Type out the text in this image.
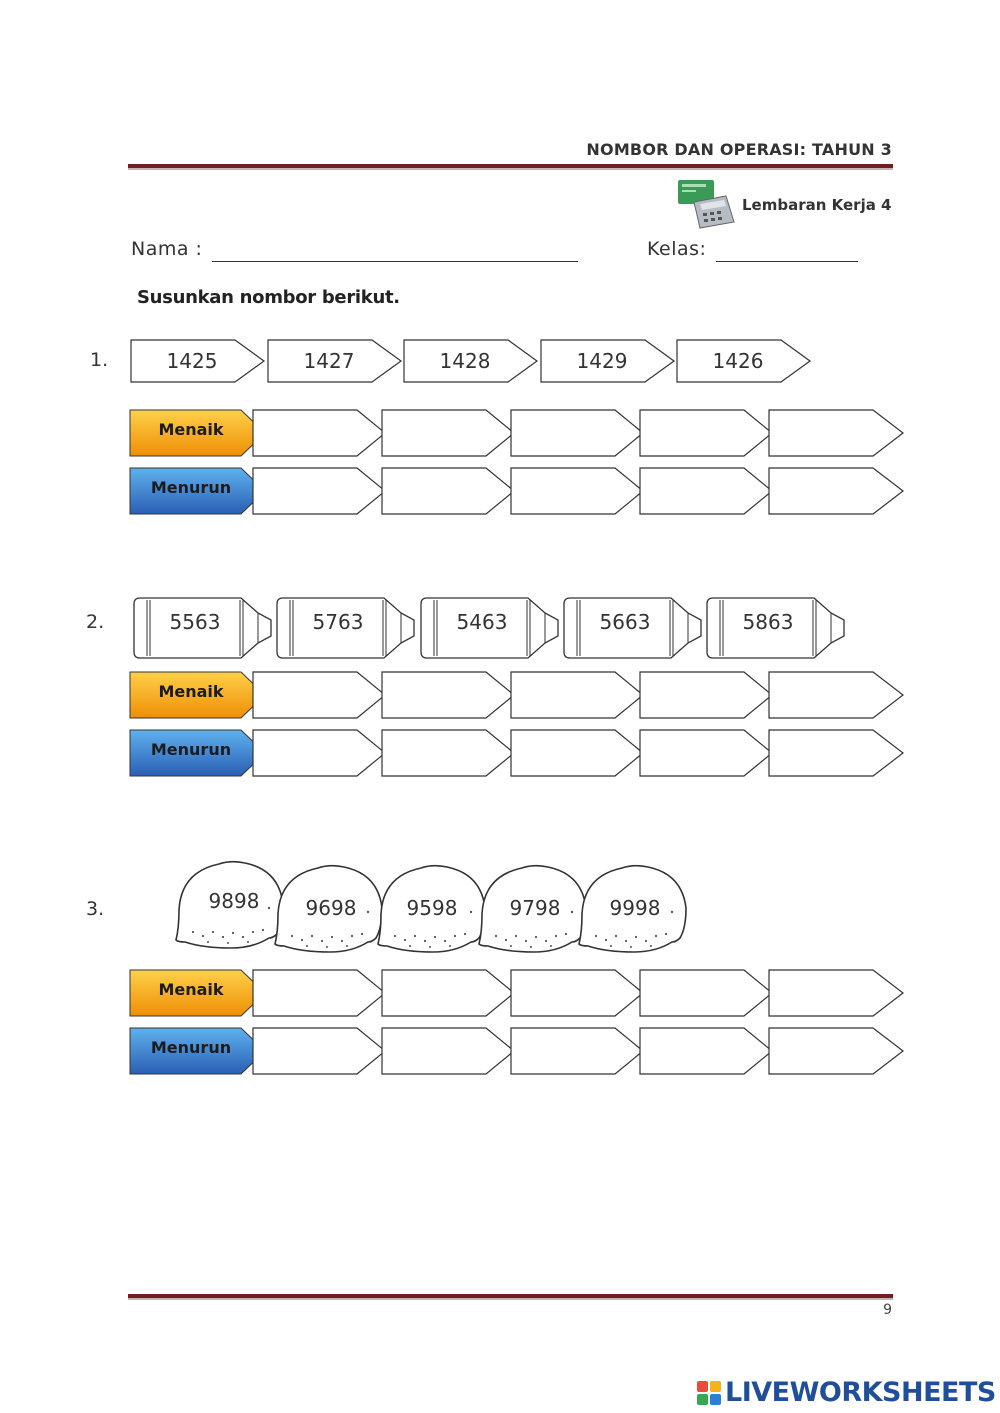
NOMBOR DAN OPERASI: TAHUN 3
Lembaran Kerja 4
Nama :	Kelas:
Susunkan nombor berikut.
1.
2.
3.
1425	1427	1428	1429	1426
5563	5763	5463	5663	5863
9898	9698	9598	9798	9998
Menaik
Menurun
Menaik
Menurun
Menaik
Menurun
9
LIVEWORKSHEETS
